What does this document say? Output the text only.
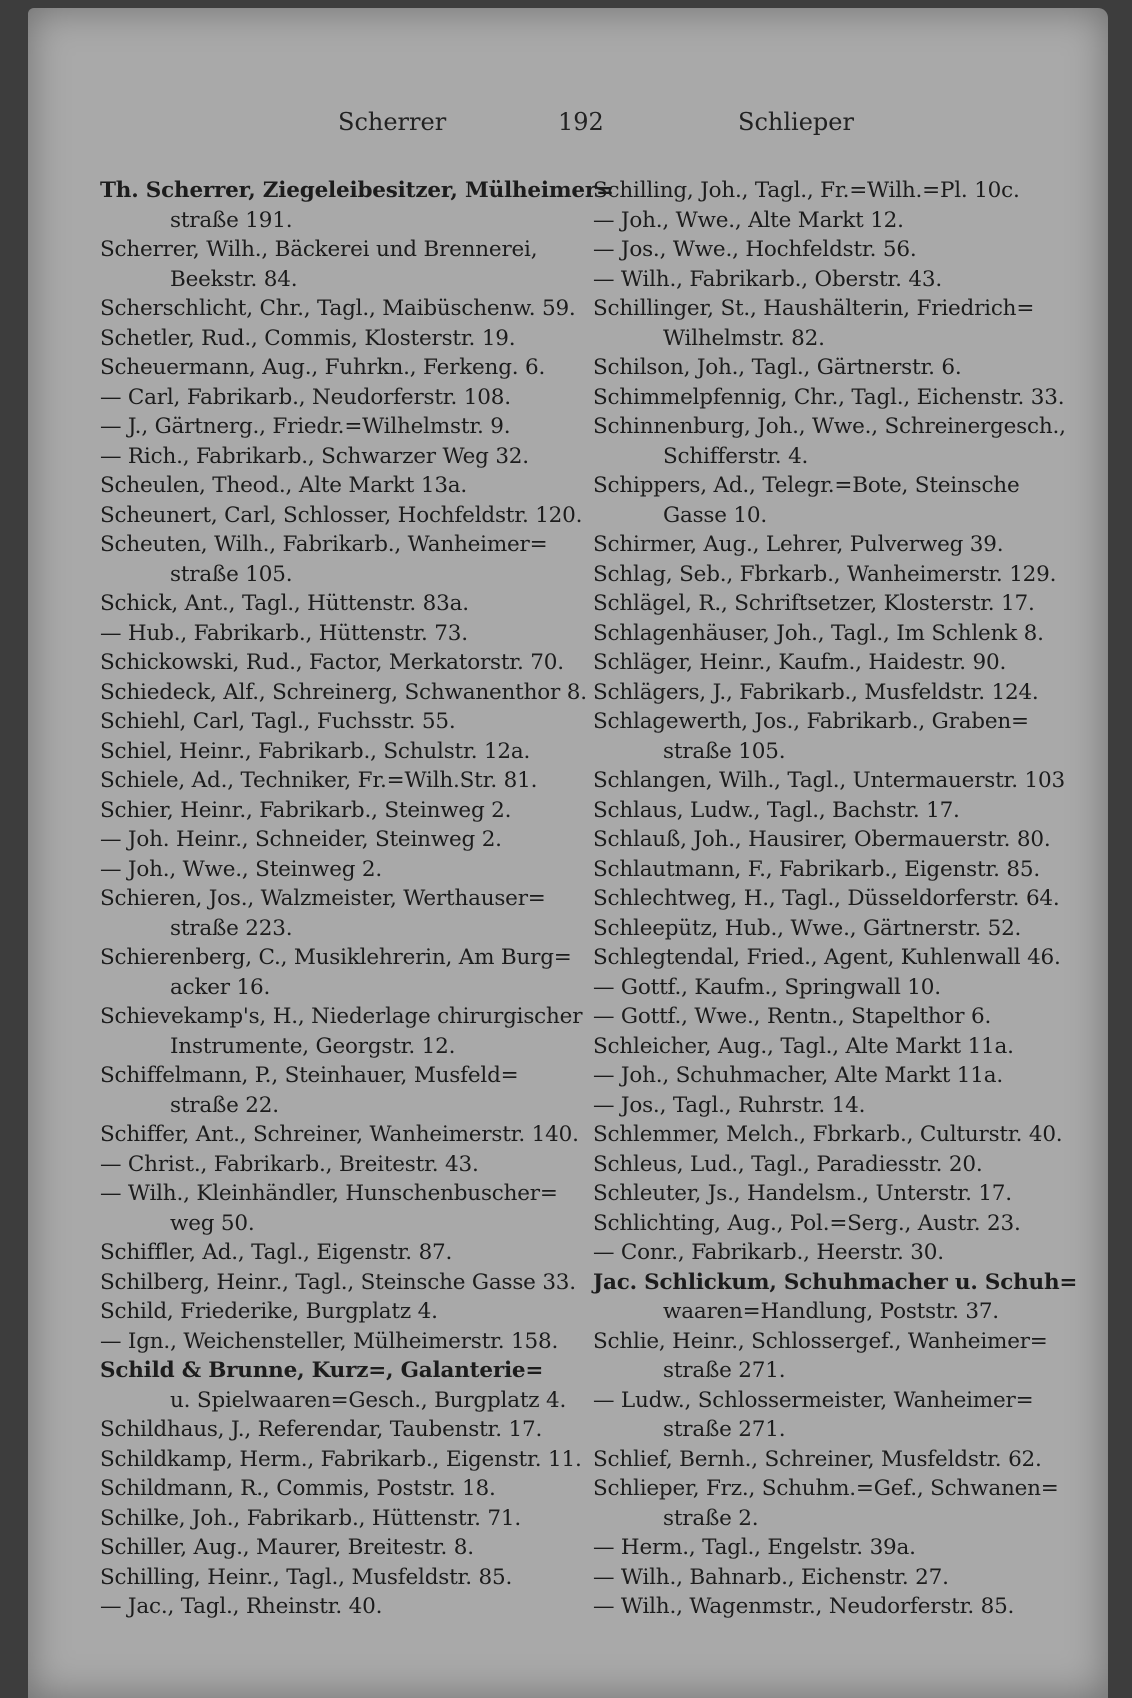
Scherrer	192	Schlieper
Th. Scherrer, Ziegeleibesitzer, Mülheimer=
straße 191.
Scherrer, Wilh., Bäckerei und Brennerei,
Beekstr. 84.
Scherschlicht, Chr., Tagl., Maibüschenw. 59.
Schetler, Rud., Commis, Klosterstr. 19.
Scheuermann, Aug., Fuhrkn., Ferkeng. 6.
— Carl, Fabrikarb., Neudorferstr. 108.
— J., Gärtnerg., Friedr.=Wilhelmstr. 9.
— Rich., Fabrikarb., Schwarzer Weg 32.
Scheulen, Theod., Alte Markt 13a.
Scheunert, Carl, Schlosser, Hochfeldstr. 120.
Scheuten, Wilh., Fabrikarb., Wanheimer=
straße 105.
Schick, Ant., Tagl., Hüttenstr. 83a.
— Hub., Fabrikarb., Hüttenstr. 73.
Schickowski, Rud., Factor, Merkatorstr. 70.
Schiedeck, Alf., Schreinerg, Schwanenthor 8.
Schiehl, Carl, Tagl., Fuchsstr. 55.
Schiel, Heinr., Fabrikarb., Schulstr. 12a.
Schiele, Ad., Techniker, Fr.=Wilh.Str. 81.
Schier, Heinr., Fabrikarb., Steinweg 2.
— Joh. Heinr., Schneider, Steinweg 2.
— Joh., Wwe., Steinweg 2.
Schieren, Jos., Walzmeister, Werthauser=
straße 223.
Schierenberg, C., Musiklehrerin, Am Burg=
acker 16.
Schievekamp's, H., Niederlage chirurgischer
Instrumente, Georgstr. 12.
Schiffelmann, P., Steinhauer, Musfeld=
straße 22.
Schiffer, Ant., Schreiner, Wanheimerstr. 140.
— Christ., Fabrikarb., Breitestr. 43.
— Wilh., Kleinhändler, Hunschenbuscher=
weg 50.
Schiffler, Ad., Tagl., Eigenstr. 87.
Schilberg, Heinr., Tagl., Steinsche Gasse 33.
Schild, Friederike, Burgplatz 4.
— Ign., Weichensteller, Mülheimerstr. 158.
Schild & Brunne, Kurz=, Galanterie=
u. Spielwaaren=Gesch., Burgplatz 4.
Schildhaus, J., Referendar, Taubenstr. 17.
Schildkamp, Herm., Fabrikarb., Eigenstr. 11.
Schildmann, R., Commis, Poststr. 18.
Schilke, Joh., Fabrikarb., Hüttenstr. 71.
Schiller, Aug., Maurer, Breitestr. 8.
Schilling, Heinr., Tagl., Musfeldstr. 85.
— Jac., Tagl., Rheinstr. 40.
Schilling, Joh., Tagl., Fr.=Wilh.=Pl. 10c.
— Joh., Wwe., Alte Markt 12.
— Jos., Wwe., Hochfeldstr. 56.
— Wilh., Fabrikarb., Oberstr. 43.
Schillinger, St., Haushälterin, Friedrich=
Wilhelmstr. 82.
Schilson, Joh., Tagl., Gärtnerstr. 6.
Schimmelpfennig, Chr., Tagl., Eichenstr. 33.
Schinnenburg, Joh., Wwe., Schreinergesch.,
Schifferstr. 4.
Schippers, Ad., Telegr.=Bote, Steinsche
Gasse 10.
Schirmer, Aug., Lehrer, Pulverweg 39.
Schlag, Seb., Fbrkarb., Wanheimerstr. 129.
Schlägel, R., Schriftsetzer, Klosterstr. 17.
Schlagenhäuser, Joh., Tagl., Im Schlenk 8.
Schläger, Heinr., Kaufm., Haidestr. 90.
Schlägers, J., Fabrikarb., Musfeldstr. 124.
Schlagewerth, Jos., Fabrikarb., Graben=
straße 105.
Schlangen, Wilh., Tagl., Untermauerstr. 103
Schlaus, Ludw., Tagl., Bachstr. 17.
Schlauß, Joh., Hausirer, Obermauerstr. 80.
Schlautmann, F., Fabrikarb., Eigenstr. 85.
Schlechtweg, H., Tagl., Düsseldorferstr. 64.
Schleepütz, Hub., Wwe., Gärtnerstr. 52.
Schlegtendal, Fried., Agent, Kuhlenwall 46.
— Gottf., Kaufm., Springwall 10.
— Gottf., Wwe., Rentn., Stapelthor 6.
Schleicher, Aug., Tagl., Alte Markt 11a.
— Joh., Schuhmacher, Alte Markt 11a.
— Jos., Tagl., Ruhrstr. 14.
Schlemmer, Melch., Fbrkarb., Culturstr. 40.
Schleus, Lud., Tagl., Paradiesstr. 20.
Schleuter, Js., Handelsm., Unterstr. 17.
Schlichting, Aug., Pol.=Serg., Austr. 23.
— Conr., Fabrikarb., Heerstr. 30.
Jac. Schlickum, Schuhmacher u. Schuh=
waaren=Handlung, Poststr. 37.
Schlie, Heinr., Schlossergef., Wanheimer=
straße 271.
— Ludw., Schlossermeister, Wanheimer=
straße 271.
Schlief, Bernh., Schreiner, Musfeldstr. 62.
Schlieper, Frz., Schuhm.=Gef., Schwanen=
straße 2.
— Herm., Tagl., Engelstr. 39a.
— Wilh., Bahnarb., Eichenstr. 27.
— Wilh., Wagenmstr., Neudorferstr. 85.
